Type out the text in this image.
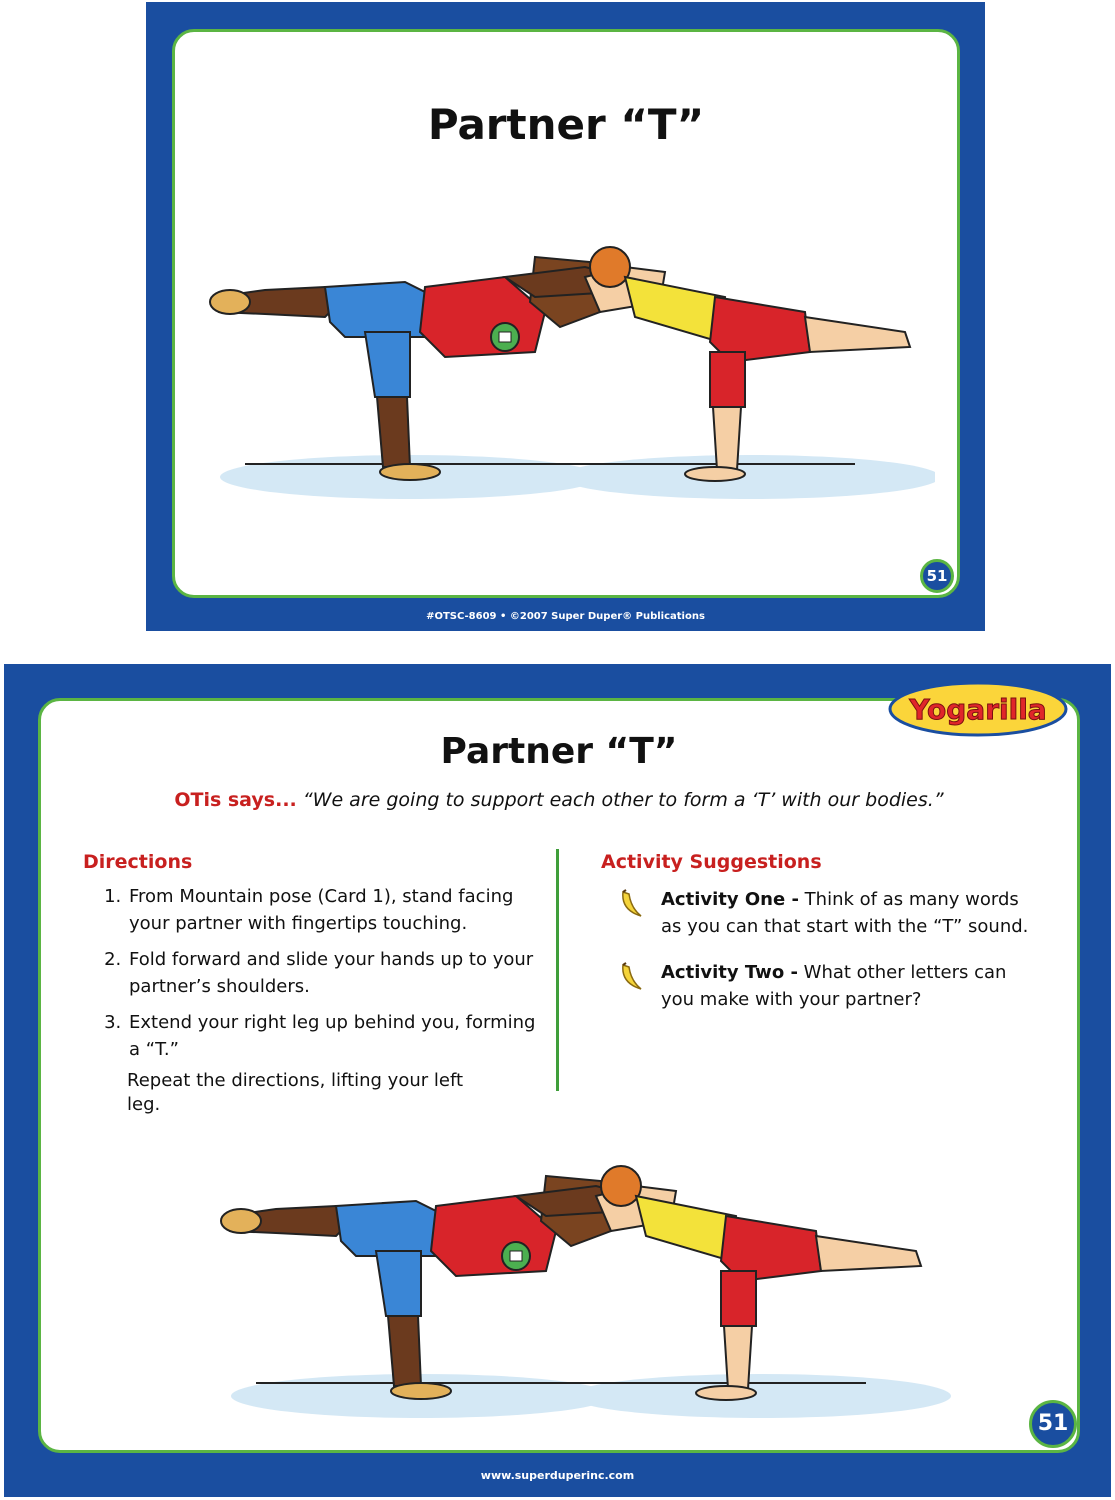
Partner “T”
51
#OTSC-8609 • ©2007 Super Duper® Publications
Yogarilla
Partner “T”
OTis says... “We are going to support each other to form a ‘T’ with our bodies.”
Directions
1. From Mountain pose (Card 1), stand facing your partner with fingertips touching.
2. Fold forward and slide your hands up to your partner’s shoulders.
3. Extend your right leg up behind you, forming a “T.”
Repeat the directions, lifting your left leg.
Activity Suggestions
Activity One - Think of as many words as you can that start with the “T” sound.
Activity Two - What other letters can you make with your partner?
51
www.superduperinc.com
